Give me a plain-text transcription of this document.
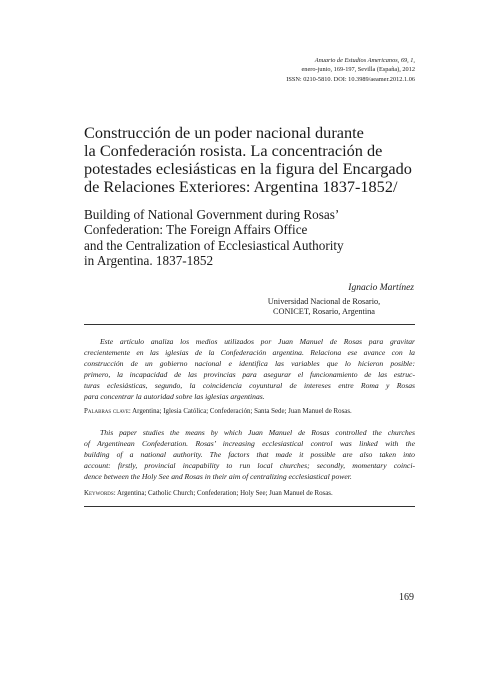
Anuario de Estudios Americanos, 69, 1,
enero-junio, 169-197, Sevilla (España), 2012
ISSN: 0210-5810. DOI: 10.3989/aeamer.2012.1.06
Construcción de un poder nacional durante
la Confederación rosista. La concentración de
potestades eclesiásticas en la figura del Encargado
de Relaciones Exteriores: Argentina 1837-1852/
Building of National Government during Rosas’
Confederation: The Foreign Affairs Office
and the Centralization of Ecclesiastical Authority
in Argentina. 1837-1852
Ignacio Martínez
Universidad Nacional de Rosario,
CONICET, Rosario, Argentina
Este artículo analiza los medios utilizados por Juan Manuel de Rosas para gravitar
crecientemente en las iglesias de la Confederación argentina. Relaciona ese avance con la
construcción de un gobierno nacional e identifica las variables que lo hicieron posible:
primero, la incapacidad de las provincias para asegurar el funcionamiento de las estruc-
turas eclesiásticas, segundo, la coincidencia coyuntural de intereses entre Roma y Rosas
para concentrar la autoridad sobre las iglesias argentinas.
Palabras clave: Argentina; Iglesia Católica; Confederación; Santa Sede; Juan Manuel de Rosas.
This paper studies the means by which Juan Manuel de Rosas controlled the churches
of Argentinean Confederation. Rosas’ increasing ecclesiastical control was linked with the
building of a national authority. The factors that made it possible are also taken into
account: firstly, provincial incapability to run local churches; secondly, momentary coinci-
dence between the Holy See and Rosas in their aim of centralizing ecclesiastical power.
Keywords: Argentina; Catholic Church; Confederation; Holy See; Juan Manuel de Rosas.
169
